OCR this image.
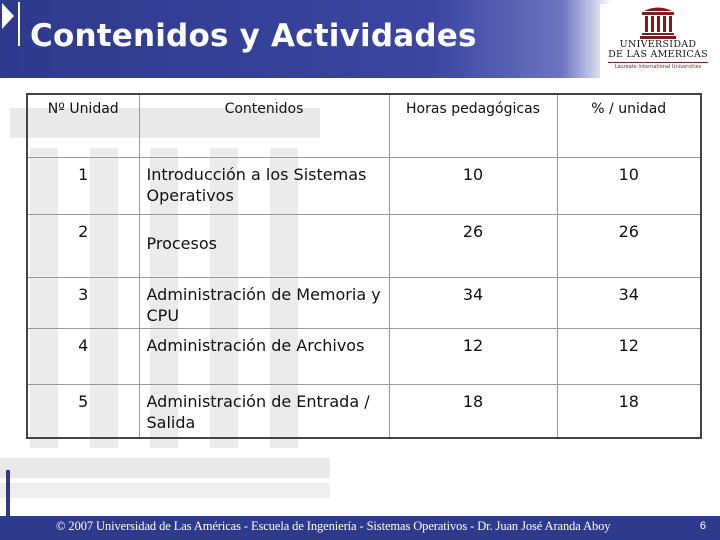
Contenidos y Actividades	UNIVERSIDAD
DE LAS AMERICAS
Laureate International Universities
Nº Unidad	Contenidos	Horas pedagógicas	% / unidad
1	Introducción a los Sistemas Operativos	10	10
2	Procesos	26	26
3	Administración de Memoria y CPU	34	34
4	Administración de Archivos	12	12
5	Administración de Entrada / Salida	18	18
© 2007 Universidad de Las Américas - Escuela de Ingeniería - Sistemas Operativos - Dr. Juan José Aranda Aboy	6
